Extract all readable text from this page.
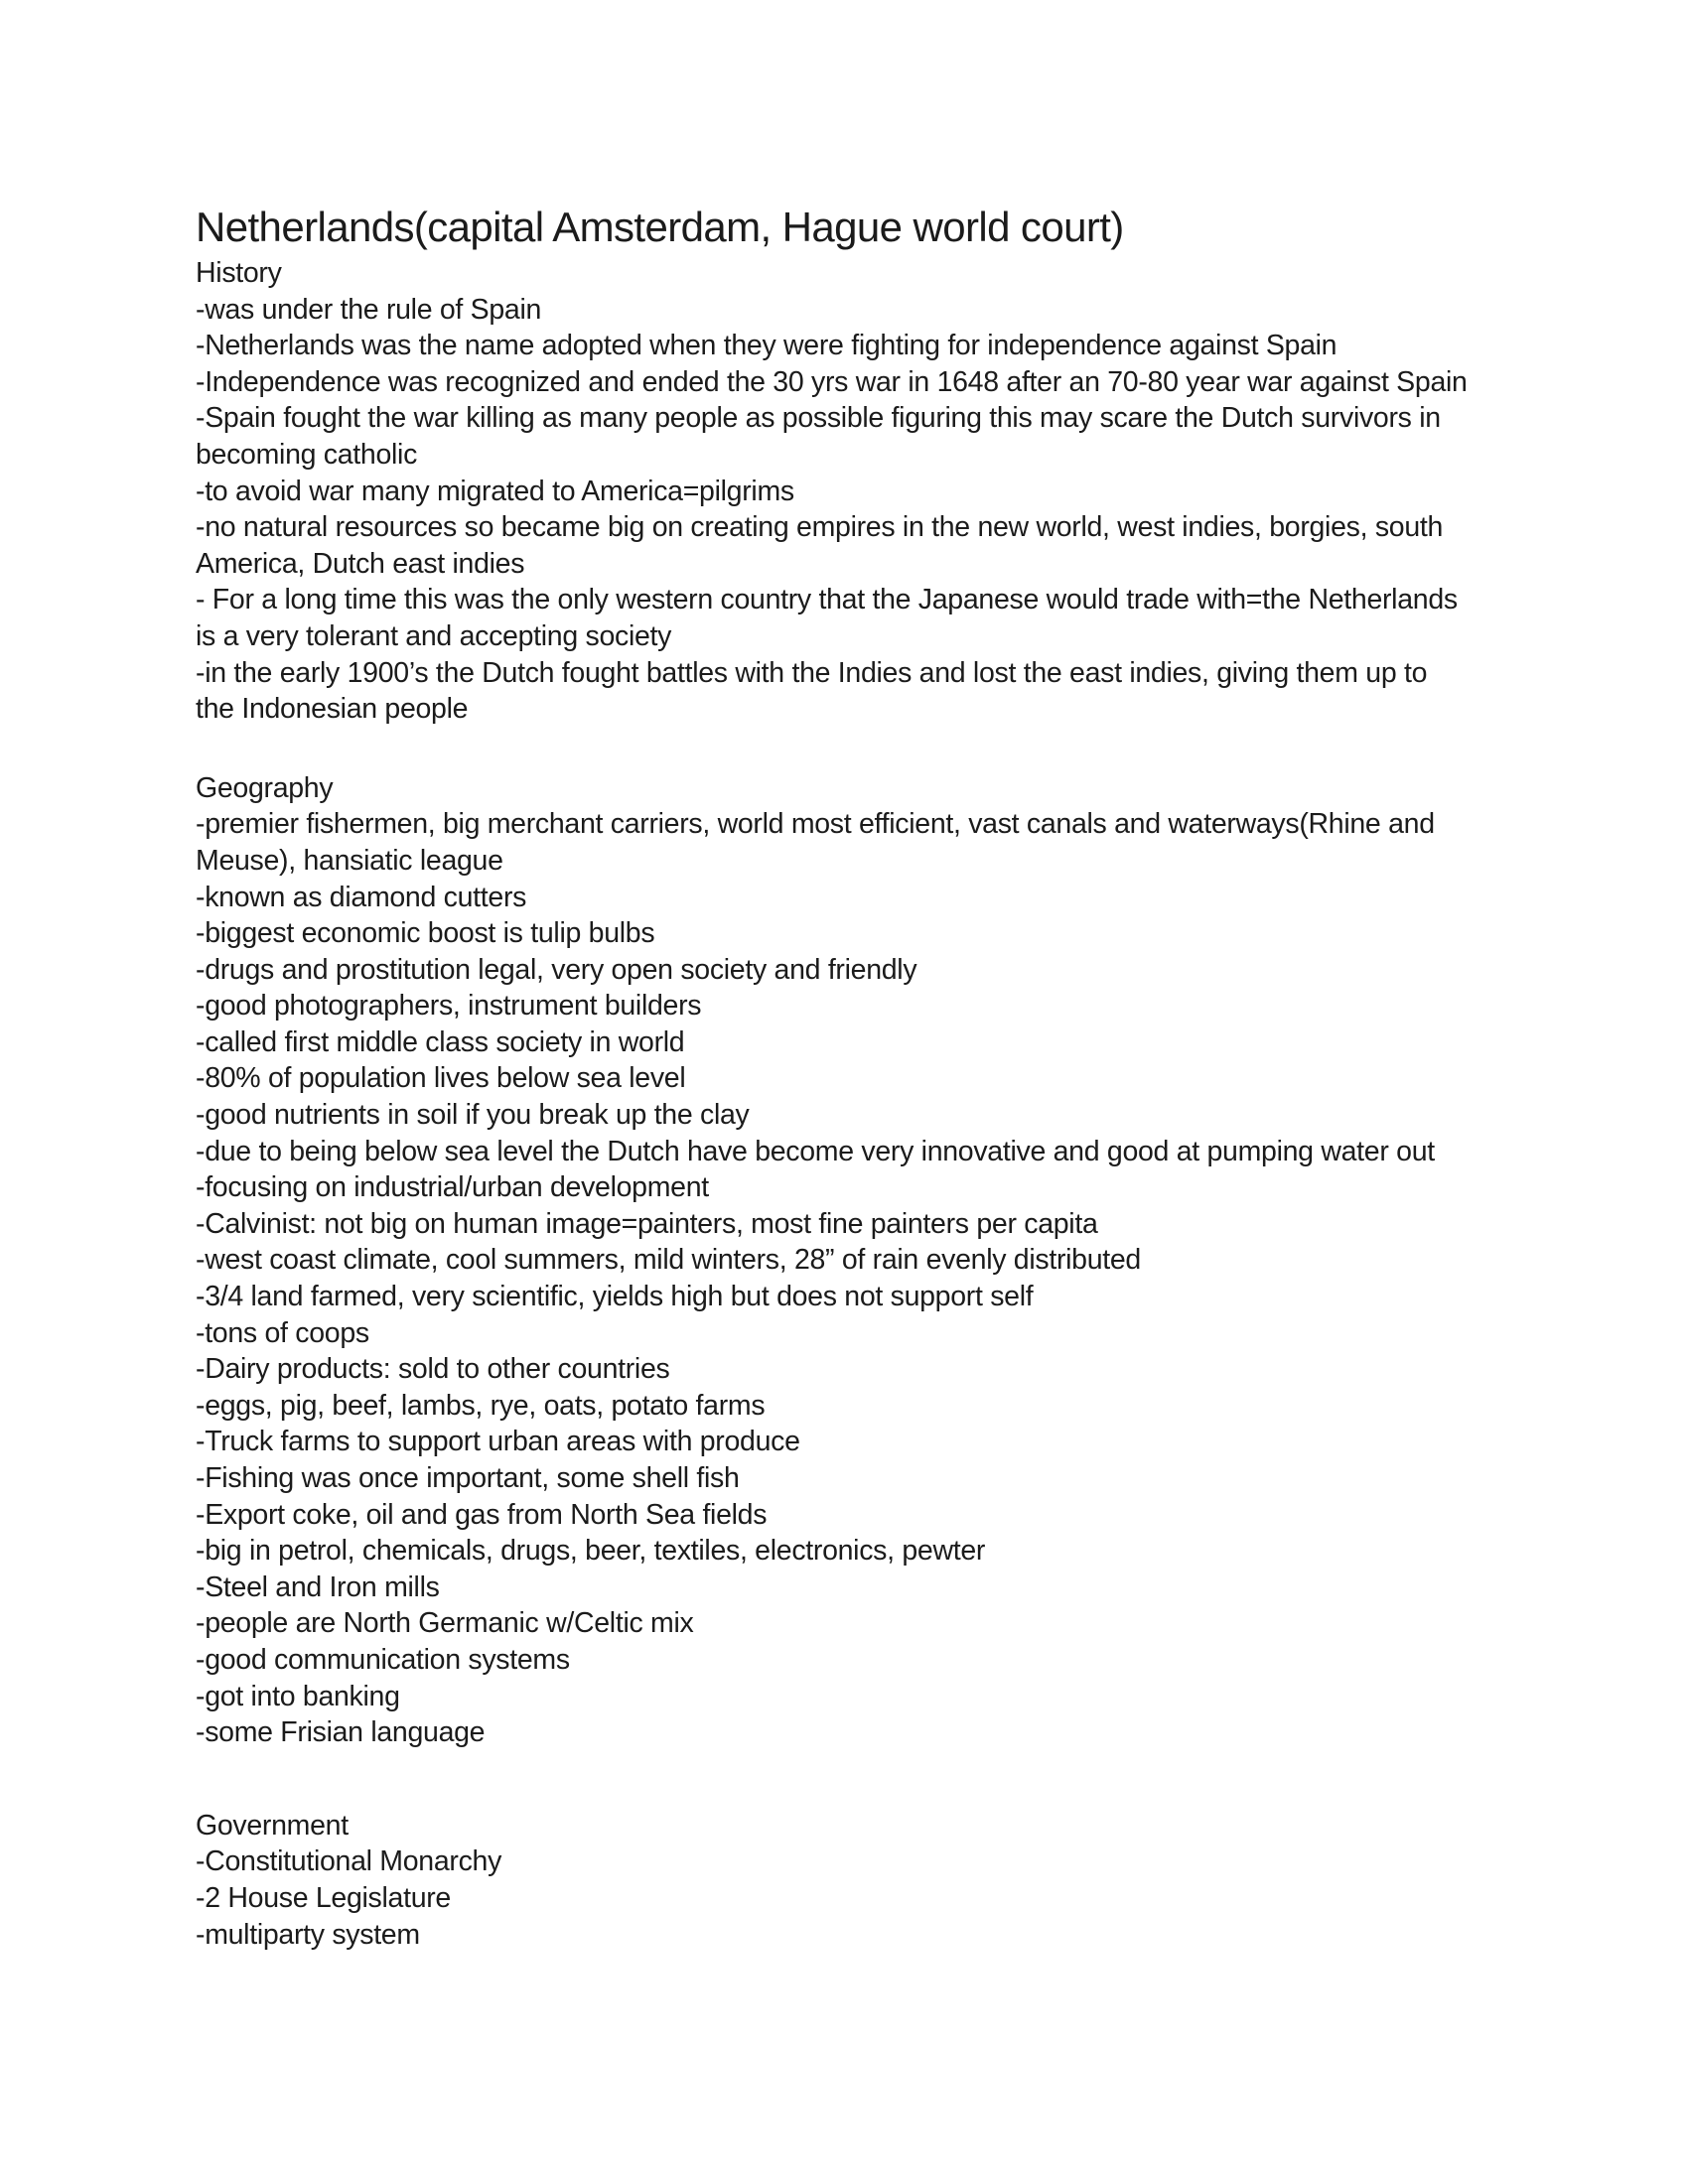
Netherlands(capital Amsterdam, Hague world court)
History
-was under the rule of Spain
-Netherlands was the name adopted when they were fighting for independence against Spain
-Independence was recognized and ended the 30 yrs war in 1648 after an 70-80 year war against Spain
-Spain fought the war killing as many people as possible figuring this may scare the Dutch survivors in
becoming catholic
-to avoid war many migrated to America=pilgrims
-no natural resources so became big on creating empires in the new world, west indies, borgies, south
America, Dutch east indies
- For a long time this was the only western country that the Japanese would trade with=the Netherlands
is a very tolerant and accepting society
-in the early 1900’s the Dutch fought battles with the Indies and lost the east indies, giving them up to
the Indonesian people
Geography
-premier fishermen, big merchant carriers, world most efficient, vast canals and waterways(Rhine and
Meuse), hansiatic league
-known as diamond cutters
-biggest economic boost is tulip bulbs
-drugs and prostitution legal, very open society and friendly
-good photographers, instrument builders
-called first middle class society in world
-80% of population lives below sea level
-good nutrients in soil if you break up the clay
-due to being below sea level the Dutch have become very innovative and good at pumping water out
-focusing on industrial/urban development
-Calvinist: not big on human image=painters, most fine painters per capita
-west coast climate, cool summers, mild winters, 28” of rain evenly distributed
-3/4 land farmed, very scientific, yields high but does not support self
-tons of coops
-Dairy products: sold to other countries
-eggs, pig, beef, lambs, rye, oats, potato farms
-Truck farms to support urban areas with produce
-Fishing was once important, some shell fish
-Export coke, oil and gas from North Sea fields
-big in petrol, chemicals, drugs, beer, textiles, electronics, pewter
-Steel and Iron mills
-people are North Germanic w/Celtic mix
-good communication systems
-got into banking
-some Frisian language
Government
-Constitutional Monarchy
-2 House Legislature
-multiparty system
